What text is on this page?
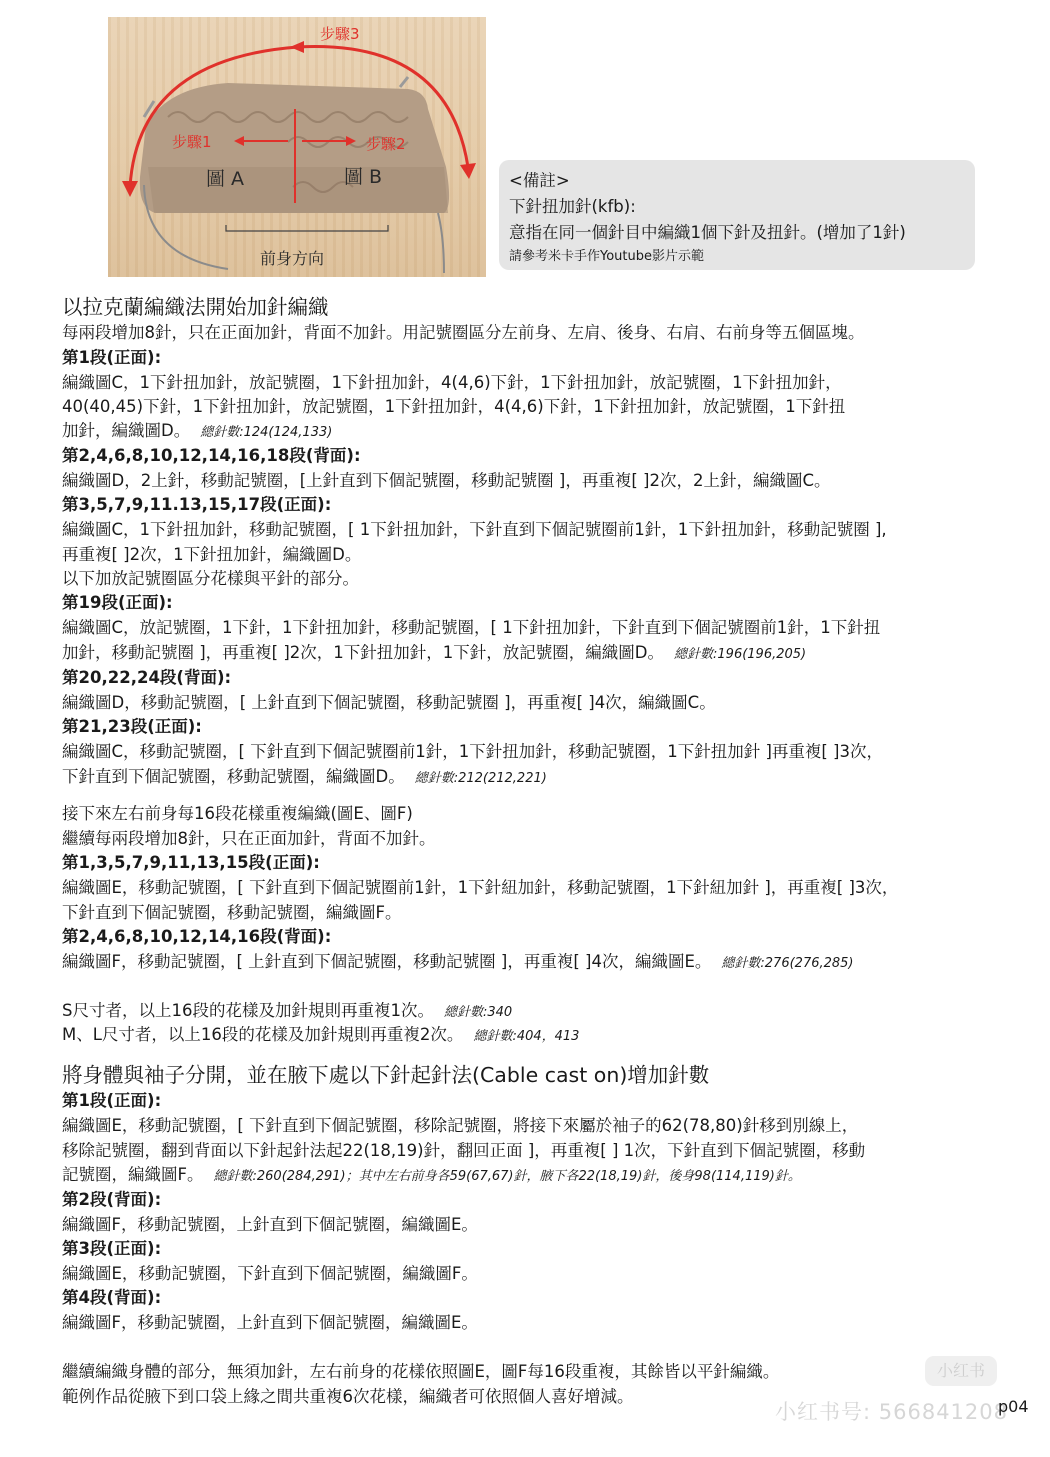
步驟3
步驟1	步驟2
圖 A	圖 B
前身方向
<備註>
下針扭加針(kfb):
意指在同一個針目中編織1個下針及扭針。(增加了1針)
請參考米卡手作Youtube影片示範
以拉克蘭編織法開始加針編織
每兩段增加8針，只在正面加針，背面不加針。用記號圈區分左前身、左肩、後身、右肩、右前身等五個區塊。
第1段(正面):
編織圖C，1下針扭加針，放記號圈，1下針扭加針，4(4,6)下針，1下針扭加針，放記號圈，1下針扭加針，
40(40,45)下針，1下針扭加針，放記號圈，1下針扭加針，4(4,6)下針，1下針扭加針，放記號圈，1下針扭
加針，編織圖D。 總針數:124(124,133)
第2,4,6,8,10,12,14,16,18段(背面):
編織圖D，2上針，移動記號圈，[上針直到下個記號圈，移動記號圈 ]，再重複[ ]2次，2上針，編織圖C。
第3,5,7,9,11.13,15,17段(正面):
編織圖C，1下針扭加針，移動記號圈，[ 1下針扭加針，下針直到下個記號圈前1針，1下針扭加針，移動記號圈 ],
再重複[ ]2次，1下針扭加針，編織圖D。
以下加放記號圈區分花樣與平針的部分。
第19段(正面):
編織圖C，放記號圈，1下針，1下針扭加針，移動記號圈，[ 1下針扭加針，下針直到下個記號圈前1針，1下針扭
加針，移動記號圈 ]，再重複[ ]2次，1下針扭加針，1下針，放記號圈，編織圖D。 總針數:196(196,205)
第20,22,24段(背面):
編織圖D，移動記號圈，[ 上針直到下個記號圈，移動記號圈 ]，再重複[ ]4次，編織圖C。
第21,23段(正面):
編織圖C，移動記號圈，[ 下針直到下個記號圈前1針，1下針扭加針，移動記號圈，1下針扭加針 ]再重複[ ]3次，
下針直到下個記號圈，移動記號圈，編織圖D。 總針數:212(212,221)
接下來左右前身每16段花樣重複編織(圖E、圖F)
繼續每兩段增加8針，只在正面加針，背面不加針。
第1,3,5,7,9,11,13,15段(正面):
編織圖E，移動記號圈，[ 下針直到下個記號圈前1針，1下針紐加針，移動記號圈，1下針紐加針 ]，再重複[ ]3次，
下針直到下個記號圈，移動記號圈，編織圖F。
第2,4,6,8,10,12,14,16段(背面):
編織圖F，移動記號圈，[ 上針直到下個記號圈，移動記號圈 ]，再重複[ ]4次，編織圖E。 總針數:276(276,285)
S尺寸者，以上16段的花樣及加針規則再重複1次。 總針數:340
M、L尺寸者，以上16段的花樣及加針規則再重複2次。 總針數:404，413
將身體與袖子分開，並在腋下處以下針起針法(Cable cast on)增加針數
第1段(正面):
編織圖E，移動記號圈，[ 下針直到下個記號圈，移除記號圈，將接下來屬於袖子的62(78,80)針移到別線上，
移除記號圈，翻到背面以下針起針法起22(18,19)針，翻回正面 ]，再重複[ ] 1次，下針直到下個記號圈，移動
記號圈，編織圖F。 總針數:260(284,291)；其中左右前身各59(67,67)針，腋下各22(18,19)針，後身98(114,119)針。
第2段(背面):
編織圖F，移動記號圈，上針直到下個記號圈，編織圖E。
第3段(正面):
編織圖E，移動記號圈，下針直到下個記號圈，編織圖F。
第4段(背面):
編織圖F，移動記號圈，上針直到下個記號圈，編織圖E。
繼續編織身體的部分，無須加針，左右前身的花樣依照圖E，圖F每16段重複，其餘皆以平針編織。
範例作品從腋下到口袋上緣之間共重複6次花樣，編織者可依照個人喜好增減。
小红书
小红书号: 566841208
p04
